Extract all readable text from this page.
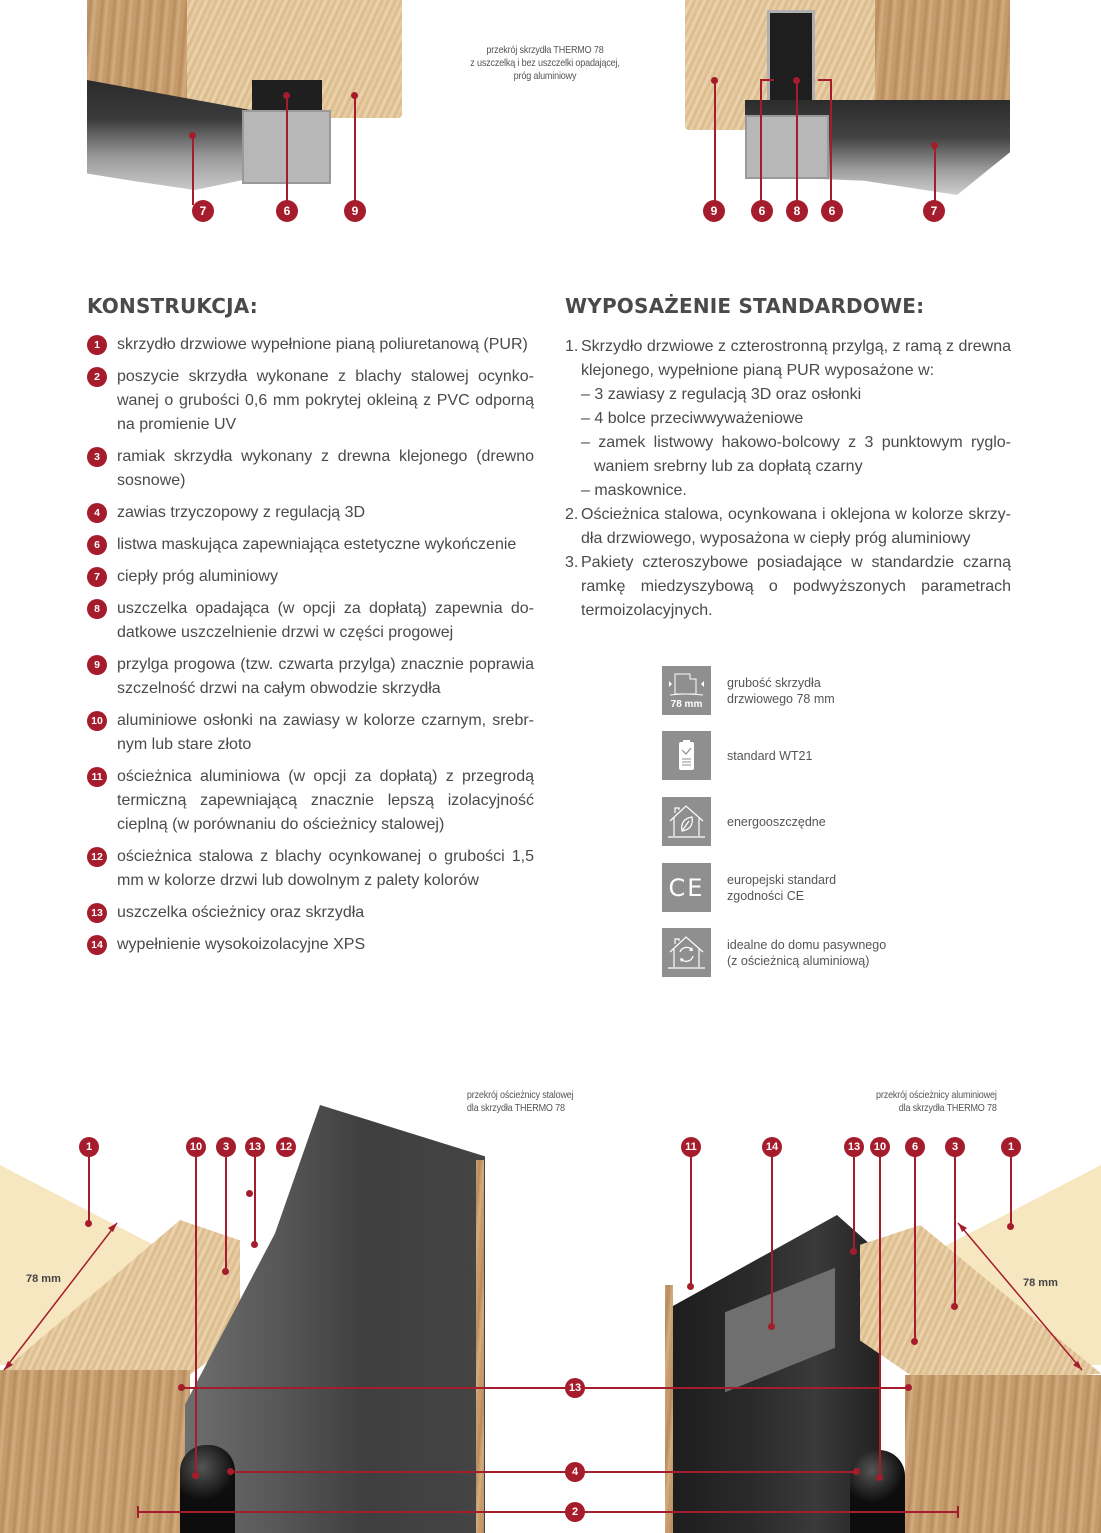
7	6	9
przekrój skrzydła THERMO 78
z uszczelką i bez uszczelki opadającej,
próg aluminiowy
9	6	8	6	7
KONSTRUKCJA:
1	skrzydło drzwiowe wypełnione pianą poliuretanową (PUR)
2	poszycie skrzydła wykonane z blachy stalowej ocynko-wanej o grubości 0,6 mm pokrytej okleiną z PVC odporną na promienie UV
3	ramiak skrzydła wykonany z drewna klejonego (drewno sosnowe)
4	zawias trzyczopowy z regulacją 3D
6	listwa maskująca zapewniająca estetyczne wykończenie
7	ciepły próg aluminiowy
8	uszczelka opadająca (w opcji za dopłatą) zapewnia do-datkowe uszczelnienie drzwi w części progowej
9	przylga progowa (tzw. czwarta przylga) znacznie poprawia szczelność drzwi na całym obwodzie skrzydła
10 aluminiowe osłonki na zawiasy w kolorze czarnym, srebr-nym lub stare złoto
11 ościeżnica aluminiowa (w opcji za dopłatą) z przegrodą termiczną zapewniającą znacznie lepszą izolacyjność cieplną (w porównaniu do ościeżnicy stalowej)
12 ościeżnica stalowa z blachy ocynkowanej o grubości 1,5 mm w kolorze drzwi lub dowolnym z palety kolorów
13 uszczelka ościeżnicy oraz skrzydła
14 wypełnienie wysokoizolacyjne XPS
WYPOSAŻENIE STANDARDOWE:
1. Skrzydło drzwiowe z czterostronną przylgą, z ramą z drewna klejonego, wypełnione pianą PUR wyposażone w:
– 3 zawiasy z regulacją 3D oraz osłonki
– 4 bolce przeciwwyważeniowe
– zamek listwowy hakowo-bolcowy z 3 punktowym ryglo-waniem srebrny lub za dopłatą czarny
– maskownice.
2. Ościeżnica stalowa, ocynkowana i oklejona w kolorze skrzy-dła drzwiowego, wyposażona w ciepły próg aluminiowy
3. Pakiety czteroszybowe posiadające w standardzie czarną ramkę miedzyszybową o podwyższonych parametrach termoizolacyjnych.
78 mm
grubość skrzydła
drzwiowego 78 mm
standard WT21
energooszczędne
CE	europejski standard
zgodności CE
idealne do domu pasywnego
(z ościeżnicą aluminiową)
przekrój ościeżnicy stalowej
dla skrzydła THERMO 78
przekrój ościeżnicy aluminiowej
dla skrzydła THERMO 78
78 mm	78 mm
1	10	3	13	12	11	14	13	10	6	3	1
13
4
2
